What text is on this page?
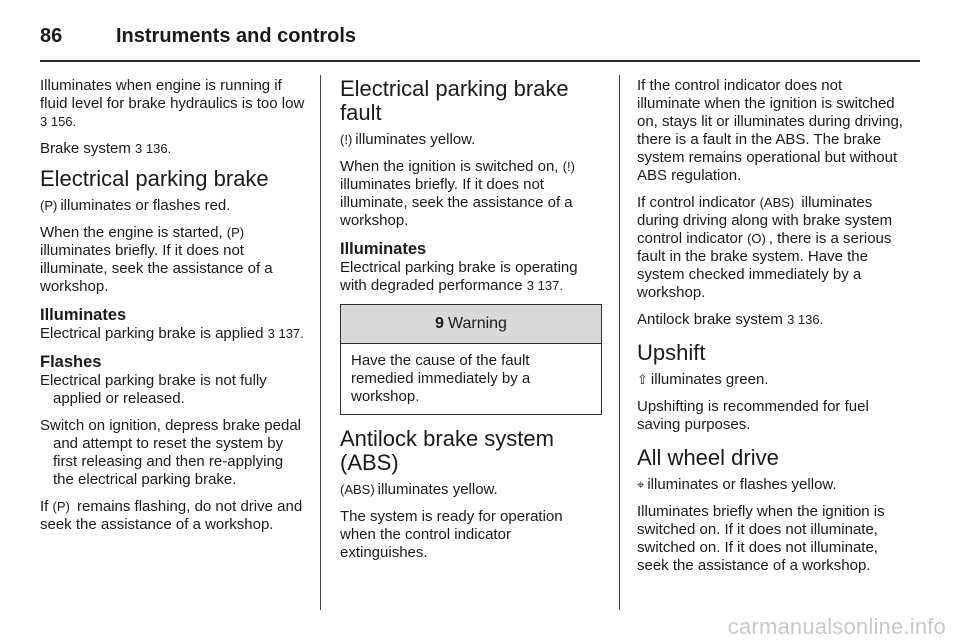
86	Instruments and controls

Illuminates when engine is running if fluid level for brake hydraulics is too low 3 156.

Brake system 3 136.

Electrical parking brake

(P) illuminates or flashes red.

When the engine is started, (P) illuminates briefly. If it does not illuminate, seek the assistance of a workshop.

Illuminates

Electrical parking brake is applied 3 137.

Flashes

Electrical parking brake is not fully applied or released.

Switch on ignition, depress brake pedal and attempt to reset the system by first releasing and then re-applying the electrical parking brake.

If (P) remains flashing, do not drive and seek the assistance of a workshop.

Electrical parking brake fault

(!) illuminates yellow.

When the ignition is switched on, (!) illuminates briefly. If it does not illuminate, seek the assistance of a workshop.

Illuminates

Electrical parking brake is operating with degraded performance 3 137.

9 Warning
Have the cause of the fault remedied immediately by a workshop.
Antilock brake system (ABS)

(ABS) illuminates yellow.

The system is ready for operation when the control indicator extinguishes.

If the control indicator does not illuminate when the ignition is switched on, stays lit or illuminates during driving, there is a fault in the ABS. The brake system remains operational but without ABS regulation.

If control indicator (ABS) illuminates during driving along with brake system control indicator (O) , there is a serious fault in the brake system. Have the system checked immediately by a workshop.

Antilock brake system 3 136.

Upshift

⇧ illuminates green.

Upshifting is recommended for fuel saving purposes.

All wheel drive

⌖ illuminates or flashes yellow.

Illuminates briefly when the ignition is switched on. If it does not illuminate, switched on. If it does not illuminate, seek the assistance of a workshop.

carmanualsonline.info
